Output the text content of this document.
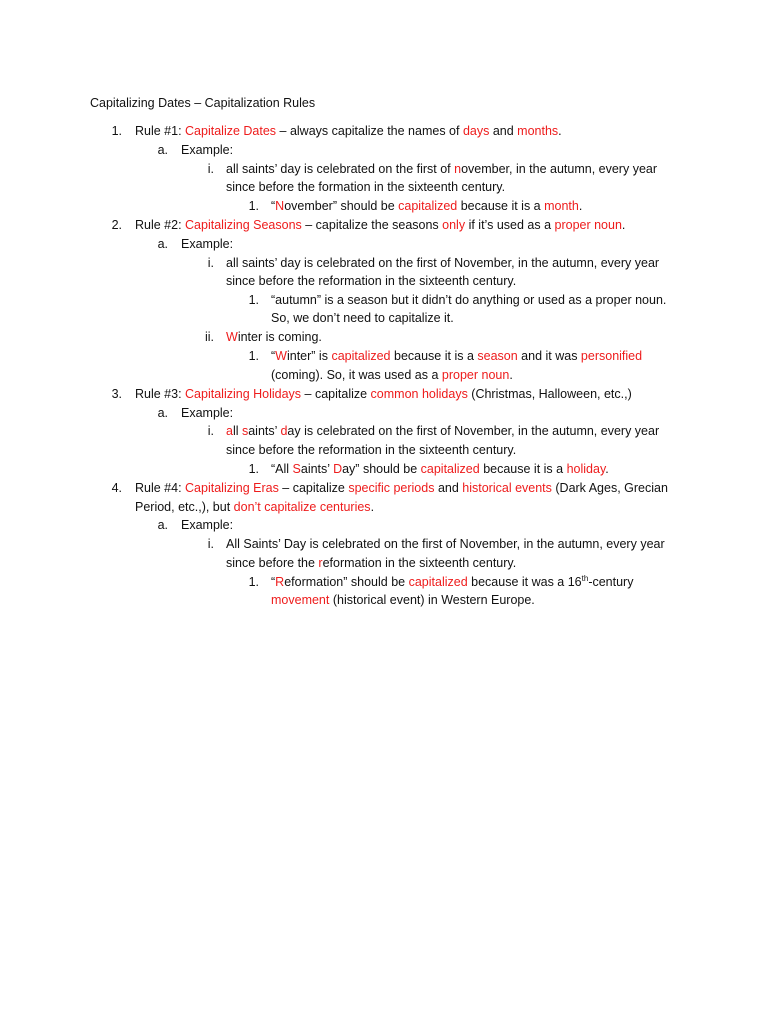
Capitalizing Dates – Capitalization Rules
1. Rule #1: Capitalize Dates – always capitalize the names of days and months.
a. Example:
i. all saints’ day is celebrated on the first of november, in the autumn, every year
since before the formation in the sixteenth century.
1. “November” should be capitalized because it is a month.
2. Rule #2: Capitalizing Seasons – capitalize the seasons only if it’s used as a proper noun.
a. Example:
i. all saints’ day is celebrated on the first of November, in the autumn, every year
since before the reformation in the sixteenth century.
1. “autumn” is a season but it didn’t do anything or used as a proper noun.
So, we don’t need to capitalize it.
ii. Winter is coming.
1. “Winter” is capitalized because it is a season and it was personified
(coming). So, it was used as a proper noun.
3. Rule #3: Capitalizing Holidays – capitalize common holidays (Christmas, Halloween, etc.,)
a. Example:
i. all saints’ day is celebrated on the first of November, in the autumn, every year
since before the reformation in the sixteenth century.
1. “All Saints’ Day” should be capitalized because it is a holiday.
4. Rule #4: Capitalizing Eras – capitalize specific periods and historical events (Dark Ages, Grecian
Period, etc.,), but don’t capitalize centuries.
a. Example:
i. All Saints’ Day is celebrated on the first of November, in the autumn, every year
since before the reformation in the sixteenth century.
1. “Reformation” should be capitalized because it was a 16th-century
movement (historical event) in Western Europe.
